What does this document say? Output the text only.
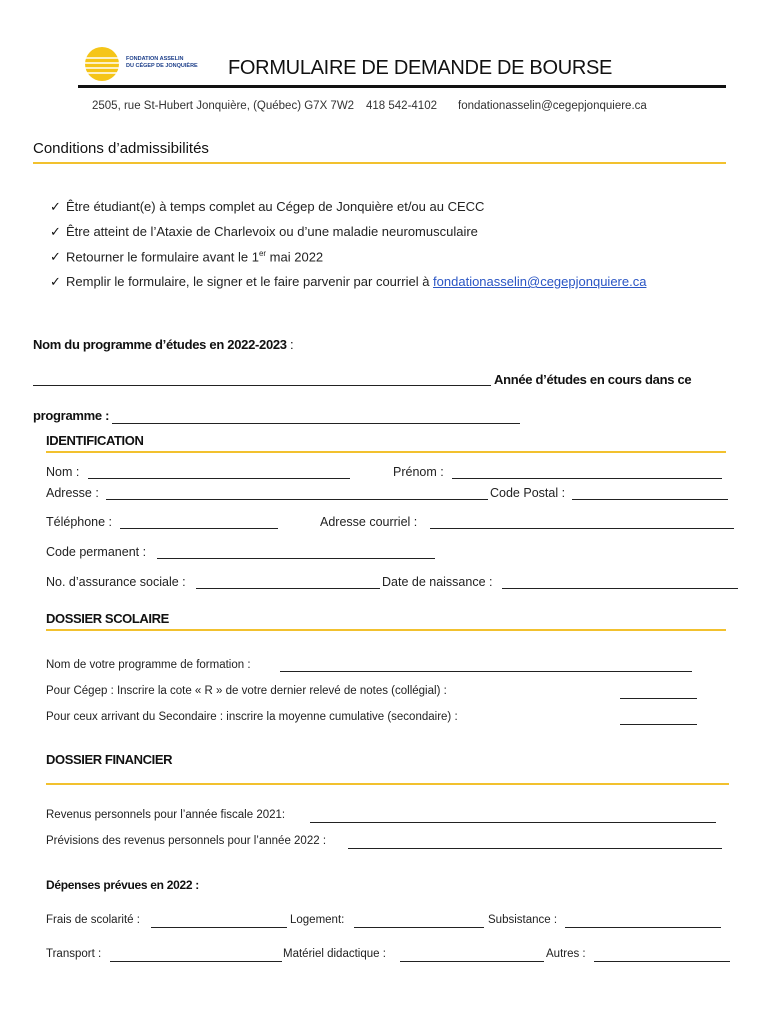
FONDATION ASSELIN
DU CÉGEP DE JONQUIÈRE FORMULAIRE DE DEMANDE DE BOURSE
2505, rue St-Hubert Jonquière, (Québec) G7X 7W2 418 542-4102 fondationasselin@cegepjonquiere.ca
Conditions d’admissibilités
✓ Être étudiant(e) à temps complet au Cégep de Jonquière et/ou au CECC
✓ Être atteint de l’Ataxie de Charlevoix ou d’une maladie neuromusculaire
✓ Retourner le formulaire avant le 1er mai 2022
✓ Remplir le formulaire, le signer et le faire parvenir par courriel à fondationasselin@cegepjonquiere.ca
Nom du programme d’études en 2022-2023 :
Année d’études en cours dans ce
programme :
IDENTIFICATION
Nom :	Prénom :
Adresse :	Code Postal :
Téléphone :	Adresse courriel :
Code permanent :
No. d’assurance sociale :	Date de naissance :
DOSSIER SCOLAIRE
Nom de votre programme de formation :
Pour Cégep : Inscrire la cote « R » de votre dernier relevé de notes (collégial) :
Pour ceux arrivant du Secondaire : inscrire la moyenne cumulative (secondaire) :
DOSSIER FINANCIER
Revenus personnels pour l’année fiscale 2021:
Prévisions des revenus personnels pour l’année 2022 :
Dépenses prévues en 2022 :
Frais de scolarité :	Logement:	Subsistance :
Transport :	Matériel didactique :	Autres :
